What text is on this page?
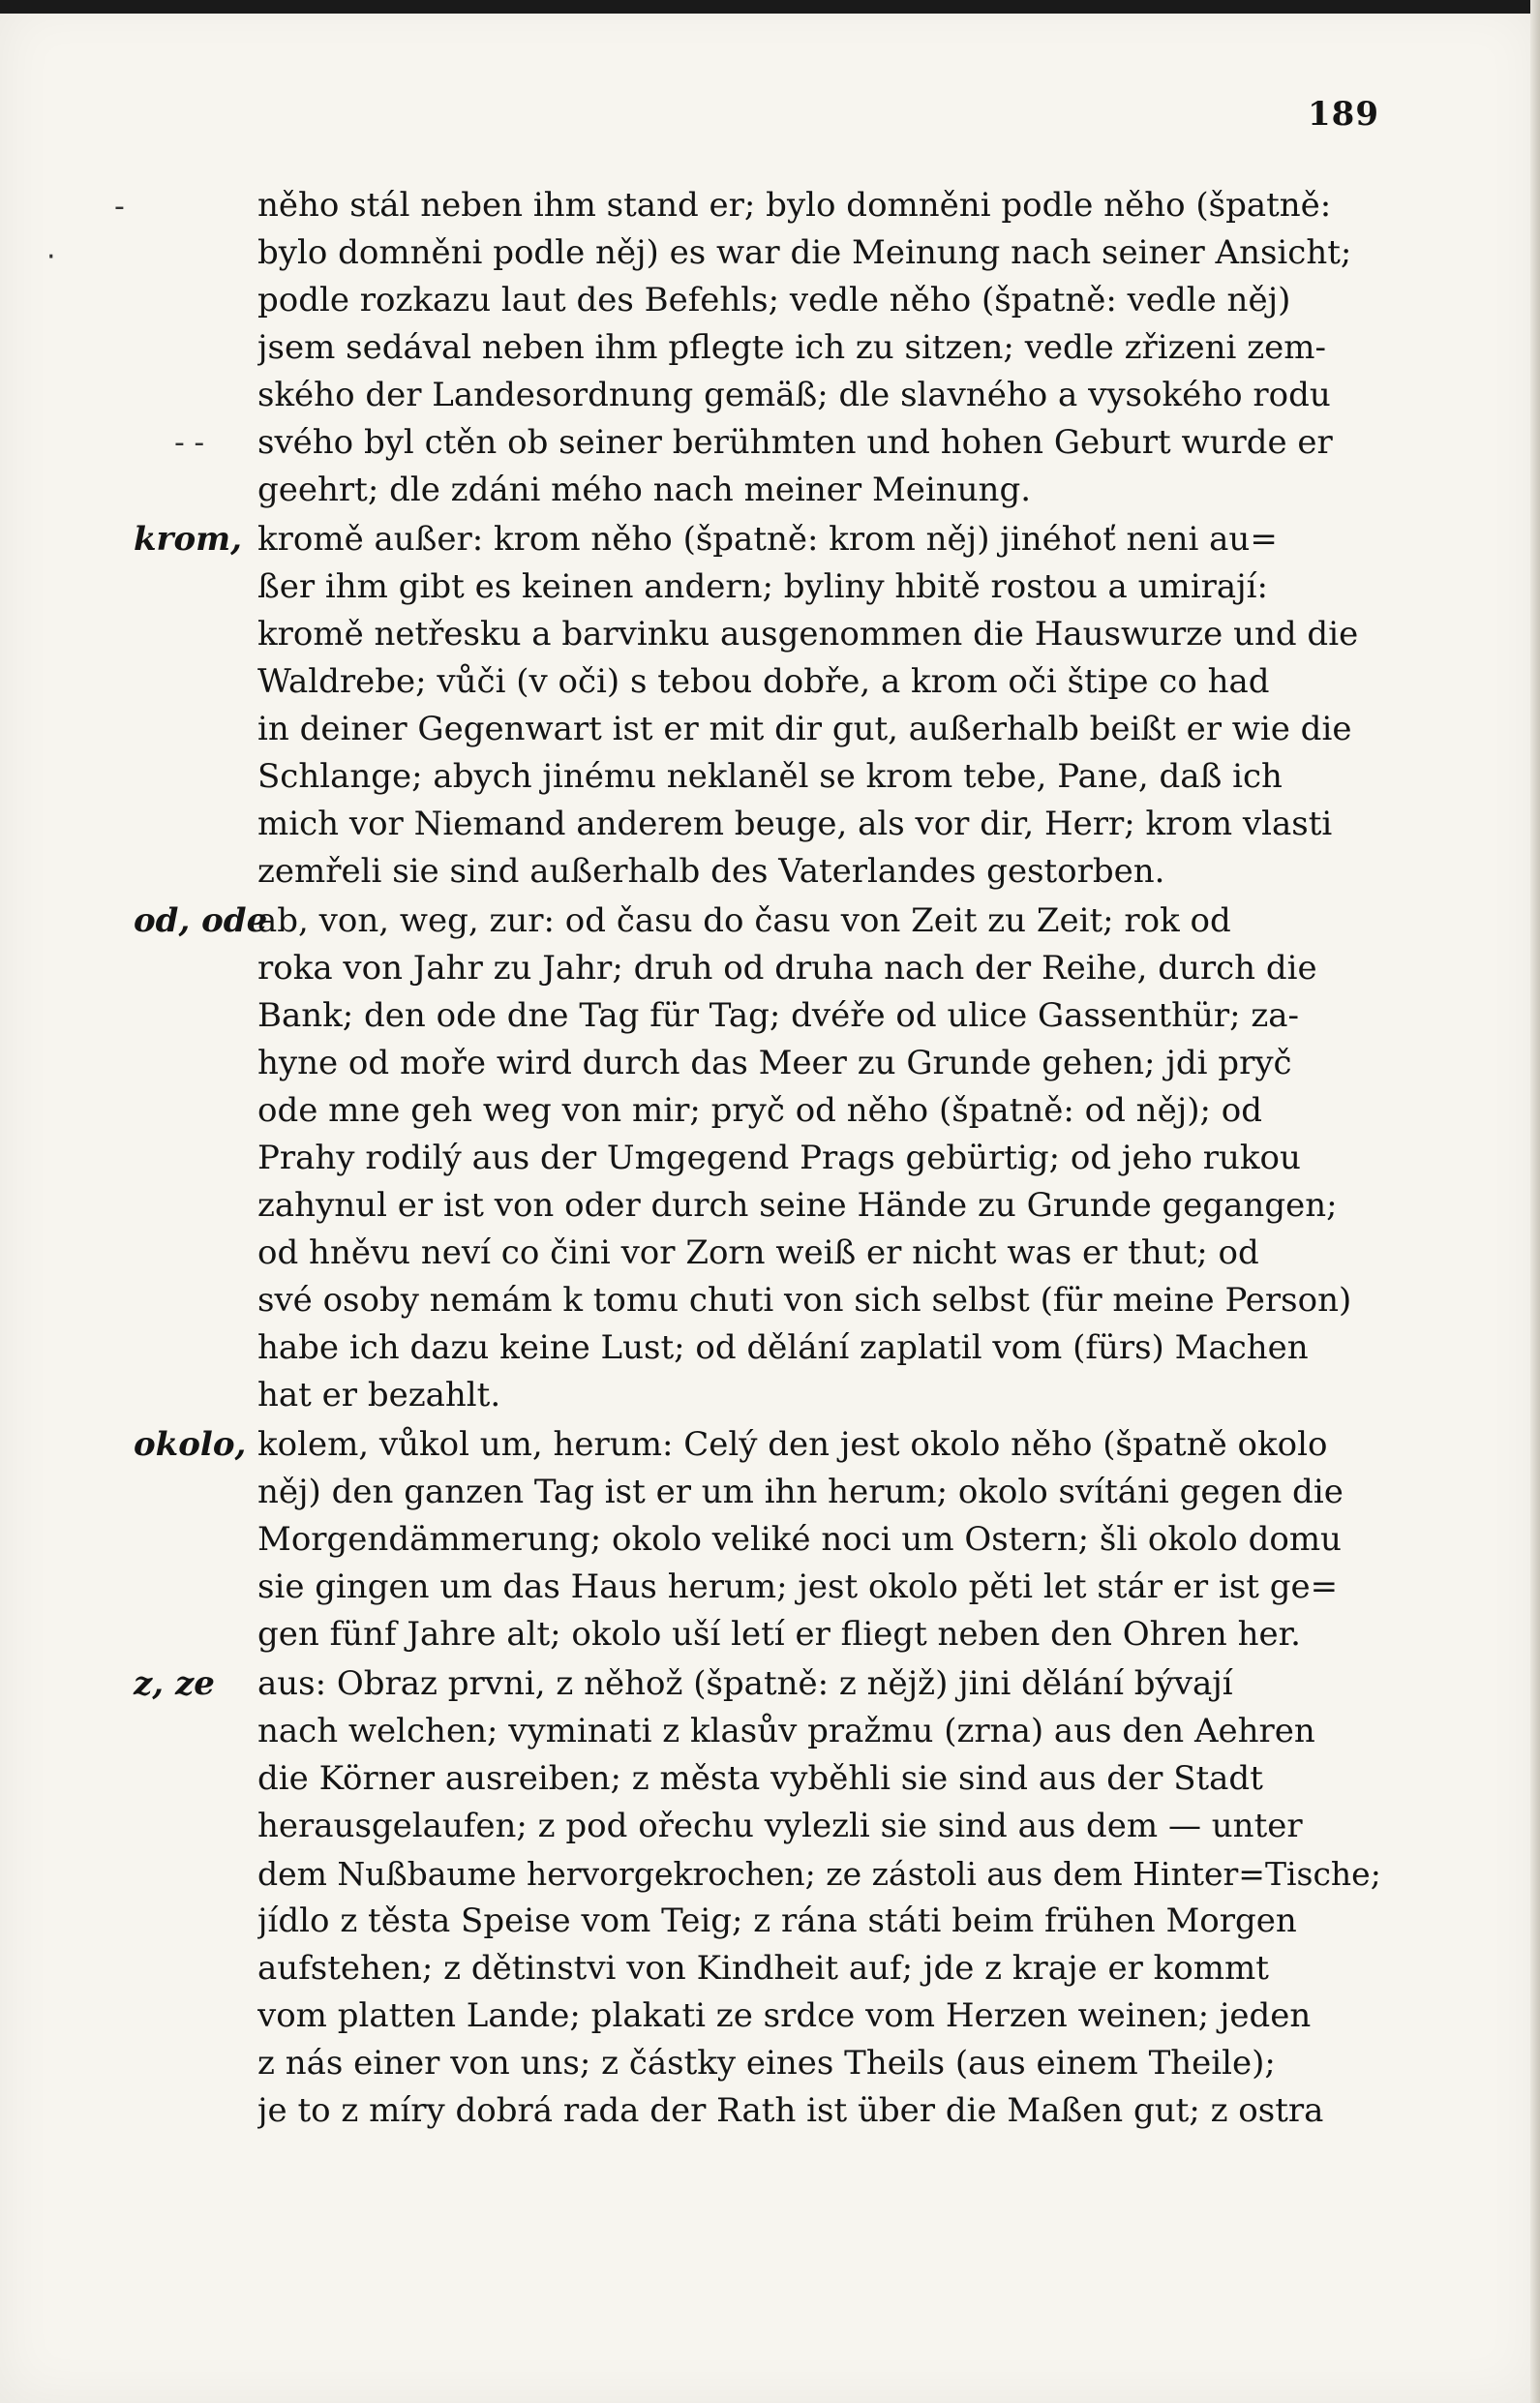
189
-
·
- -
něho stál neben ihm stand er; bylo domněni podle něho (špatně:
bylo domněni podle něj) es war die Meinung nach seiner Ansicht;
podle rozkazu laut des Befehls; vedle něho (špatně: vedle něj)
jsem sedával neben ihm pflegte ich zu sitzen; vedle zřizeni zem-
ského der Landesordnung gemäß; dle slavného a vysokého rodu
svého byl ctěn ob seiner berühmten und hohen Geburt wurde er
geehrt; dle zdáni mého nach meiner Meinung.
krom, kromě außer: krom něho (špatně: krom něj) jinéhoť neni au=
ßer ihm gibt es keinen andern; byliny hbitě rostou a umirají:
kromě netřesku a barvinku ausgenommen die Hauswurze und die
Waldrebe; vůči (v oči) s tebou dobře, a krom oči štipe co had
in deiner Gegenwart ist er mit dir gut, außerhalb beißt er wie die
Schlange; abych jinému neklaněl se krom tebe, Pane, daß ich
mich vor Niemand anderem beuge, als vor dir, Herr; krom vlasti
zemřeli sie sind außerhalb des Vaterlandes gestorben.
od, ode
ab, von, weg, zur: od času do času von Zeit zu Zeit; rok od
roka von Jahr zu Jahr; druh od druha nach der Reihe, durch die
Bank; den ode dne Tag für Tag; dvéře od ulice Gassenthür; za-
hyne od moře wird durch das Meer zu Grunde gehen; jdi pryč
ode mne geh weg von mir; pryč od něho (špatně: od něj); od
Prahy rodilý aus der Umgegend Prags gebürtig; od jeho rukou
zahynul er ist von oder durch seine Hände zu Grunde gegangen;
od hněvu neví co čini vor Zorn weiß er nicht was er thut; od
své osoby nemám k tomu chuti von sich selbst (für meine Person)
habe ich dazu keine Lust; od dělání zaplatil vom (fürs) Machen
hat er bezahlt.
okolo, kolem, vůkol um, herum: Celý den jest okolo něho (špatně okolo
něj) den ganzen Tag ist er um ihn herum; okolo svítáni gegen die
Morgendämmerung; okolo veliké noci um Ostern; šli okolo domu
sie gingen um das Haus herum; jest okolo pěti let stár er ist ge=
gen fünf Jahre alt; okolo uší letí er fliegt neben den Ohren her.
z, ze	aus: Obraz prvni, z něhož (špatně: z nějž) jini dělání bývají
nach welchen; vyminati z klasův pražmu (zrna) aus den Aehren
die Körner ausreiben; z města vyběhli sie sind aus der Stadt
herausgelaufen; z pod ořechu vylezli sie sind aus dem — unter
dem Nußbaume hervorgekrochen; ze zástoli aus dem Hinter=Tische;
jídlo z těsta Speise vom Teig; z rána státi beim frühen Morgen
aufstehen; z dětinstvi von Kindheit auf; jde z kraje er kommt
vom platten Lande; plakati ze srdce vom Herzen weinen; jeden
z nás einer von uns; z částky eines Theils (aus einem Theile);
je to z míry dobrá rada der Rath ist über die Maßen gut; z ostra
